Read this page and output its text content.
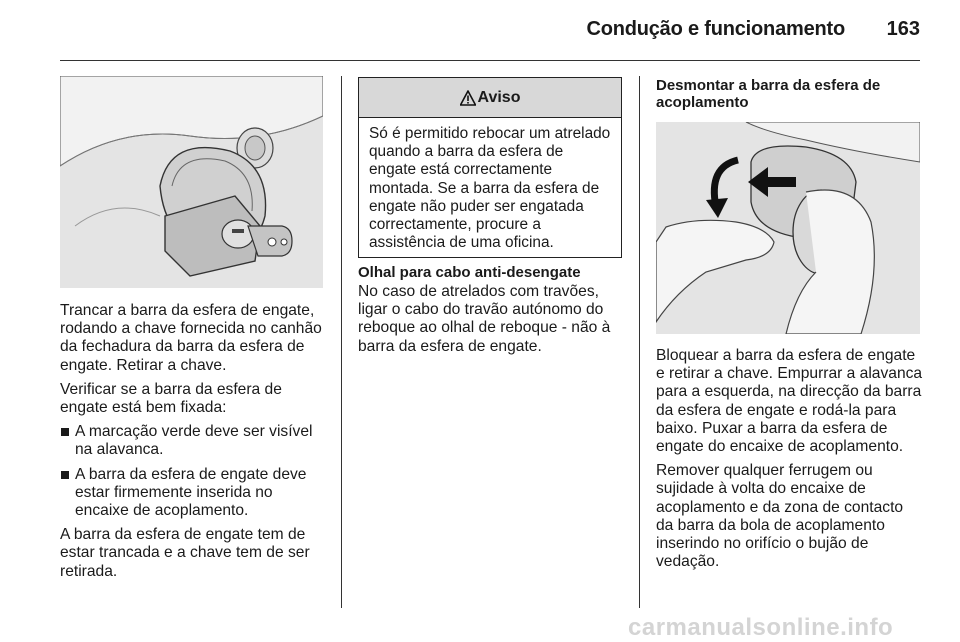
Condução e funcionamento	163

Trancar a barra da esfera de engate, rodando a chave fornecida no canhão da fechadura da barra da esfera de engate. Retirar a chave.

Verificar se a barra da esfera de engate está bem fixada:

A marcação verde deve ser visível na alavanca.
A barra da esfera de engate deve estar firmemente inserida no encaixe de acoplamento.

A barra da esfera de engate tem de estar trancada e a chave tem de ser retirada.

Aviso
Só é permitido rebocar um atrelado quando a barra da esfera de engate está correctamente montada. Se a barra da esfera de engate não puder ser engatada correctamente, procure a assistência de uma oficina.
Olhal para cabo anti-desengate

No caso de atrelados com travões, ligar o cabo do travão autónomo do reboque ao olhal de reboque - não à barra da esfera de engate.

Desmontar a barra da esfera de acoplamento

Bloquear a barra da esfera de engate e retirar a chave. Empurrar a alavanca para a esquerda, na direcção da barra da esfera de engate e rodá-la para baixo. Puxar a barra da esfera de engate do encaixe de acoplamento.

Remover qualquer ferrugem ou sujidade à volta do encaixe de acoplamento e da zona de contacto da barra da bola de acoplamento inserindo no orifício o bujão de vedação.

carmanualsonline.info
